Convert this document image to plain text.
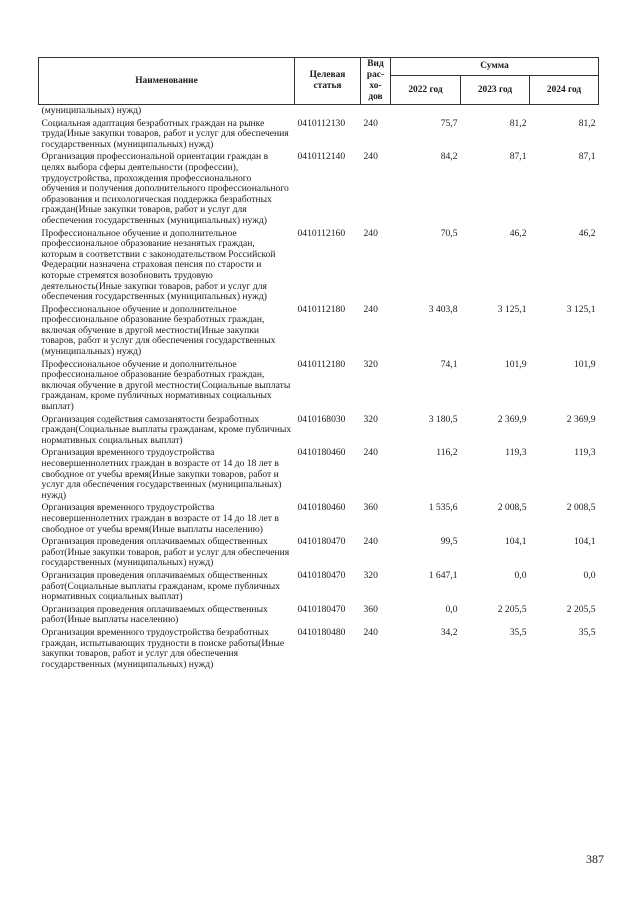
Наименование	Целевая статья	Вид рас-хо-дов	Сумма		
			2022 год	2023 год	2024 год
(муниципальных) нужд)					
Социальная адаптация безработных граждан на рынке труда(Иные закупки товаров, работ и услуг для обеспечения государственных (муниципальных) нужд)	0410112130	240	75,7	81,2	81,2
Организация профессиональной ориентации граждан в целях выбора сферы деятельности (профессии), трудоустройства, прохождения профессионального обучения и получения дополнительного профессионального образования и психологическая поддержка безработных граждан(Иные закупки товаров, работ и услуг для обеспечения государственных (муниципальных) нужд)	0410112140	240	84,2	87,1	87,1
Профессиональное обучение и дополнительное профессиональное образование незанятых граждан, которым в соответствии с законодательством Российской Федерации назначена страховая пенсия по старости и которые стремятся возобновить трудовую деятельность(Иные закупки товаров, работ и услуг для обеспечения государственных (муниципальных) нужд)	0410112160	240	70,5	46,2	46,2
Профессиональное обучение и дополнительное профессиональное образование безработных граждан, включая обучение в другой местности(Иные закупки товаров, работ и услуг для обеспечения государственных (муниципальных) нужд)	0410112180	240	3 403,8	3 125,1	3 125,1
Профессиональное обучение и дополнительное профессиональное образование безработных граждан, включая обучение в другой местности(Социальные выплаты гражданам, кроме публичных нормативных социальных выплат)	0410112180	320	74,1	101,9	101,9
Организация содействия самозанятости безработных граждан(Социальные выплаты гражданам, кроме публичных нормативных социальных выплат)	0410168030	320	3 180,5	2 369,9	2 369,9
Организация временного трудоустройства несовершеннолетних граждан в возрасте от 14 до 18 лет в свободное от учебы время(Иные закупки товаров, работ и услуг для обеспечения государственных (муниципальных) нужд)	0410180460	240	116,2	119,3	119,3
Организация временного трудоустройства несовершеннолетних граждан в возрасте от 14 до 18 лет в свободное от учебы время(Иные выплаты населению)	0410180460	360	1 535,6	2 008,5	2 008,5
Организация проведения оплачиваемых общественных работ(Иные закупки товаров, работ и услуг для обеспечения государственных (муниципальных) нужд)	0410180470	240	99,5	104,1	104,1
Организация проведения оплачиваемых общественных работ(Социальные выплаты гражданам, кроме публичных нормативных социальных выплат)	0410180470	320	1 647,1	0,0	0,0
Организация проведения оплачиваемых общественных работ(Иные выплаты населению)	0410180470	360	0,0	2 205,5	2 205,5
Организация временного трудоустройства безработных граждан, испытывающих трудности в поиске работы(Иные закупки товаров, работ и услуг для обеспечения государственных (муниципальных) нужд)	0410180480	240	34,2	35,5	35,5
387
